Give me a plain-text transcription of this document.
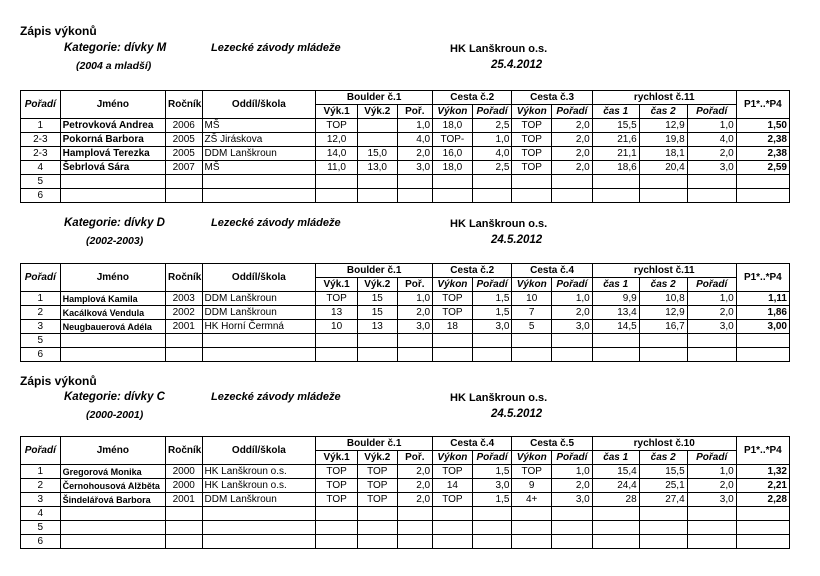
Zápis výkonů
Kategorie: dívky M
(2004 a mladší)
Lezecké závody mládeže	HK Lanškroun o.s.
25.4.2012
Kategorie: dívky D
(2002-2003)
Lezecké závody mládeže	HK Lanškroun o.s.
24.5.2012
Zápis výkonů
Kategorie: dívky C
(2000-2001)
Lezecké závody mládeže	HK Lanškroun o.s.
24.5.2012
Pořadí	Jméno	Ročník	Oddíl/škola	Boulder č.1			Cesta č.2		Cesta č.3		rychlost č.11			P1*..*P4
				Výk.1	Výk.2	Poř.	Výkon	Pořadí	Výkon	Pořadí	čas 1	čas 2	Pořadí	
1	Petrovková Andrea	2006	MŠ	TOP		1,0	18,0	2,5	TOP	2,0	15,5	12,9	1,0	1,50
2-3	Pokorná Barbora	2005	ZŠ Jiráskova	12,0		4,0	TOP-	1,0	TOP	2,0	21,6	19,8	4,0	2,38
2-3	Hamplová Terezka	2005	DDM Lanškroun	14,0	15,0	2,0	16,0	4,0	TOP	2,0	21,1	18,1	2,0	2,38
4	Šebrlová Sára	2007	MŠ	11,0	13,0	3,0	18,0	2,5	TOP	2,0	18,6	20,4	3,0	2,59
5														
6														
Pořadí	Jméno	Ročník	Oddíl/škola	Boulder č.1			Cesta č.2		Cesta č.4		rychlost č.11			P1*..*P4
				Výk.1	Výk.2	Poř.	Výkon	Pořadí	Výkon	Pořadí	čas 1	čas 2	Pořadí	
1	Hamplová Kamila	2003	DDM Lanškroun	TOP	15	1,0	TOP	1,5	10	1,0	9,9	10,8	1,0	1,11
2	Kacálková Vendula	2002	DDM Lanškroun	13	15	2,0	TOP	1,5	7	2,0	13,4	12,9	2,0	1,86
3	Neugbauerová Adéla	2001	HK Horní Čermná	10	13	3,0	18	3,0	5	3,0	14,5	16,7	3,0	3,00
5														
6														
Pořadí	Jméno	Ročník	Oddíl/škola	Boulder č.1			Cesta č.4		Cesta č.5		rychlost č.10			P1*..*P4
				Výk.1	Výk.2	Poř.	Výkon	Pořadí	Výkon	Pořadí	čas 1	čas 2	Pořadí	
1	Gregorová Monika	2000	HK Lanškroun o.s.	TOP	TOP	2,0	TOP	1,5	TOP	1,0	15,4	15,5	1,0	1,32
2	Černohousová Alžběta	2000	HK Lanškroun o.s.	TOP	TOP	2,0	14	3,0	9	2,0	24,4	25,1	2,0	2,21
3	Šindelářová Barbora	2001	DDM Lanškroun	TOP	TOP	2,0	TOP	1,5	4+	3,0	28	27,4	3,0	2,28
4														
5														
6														
